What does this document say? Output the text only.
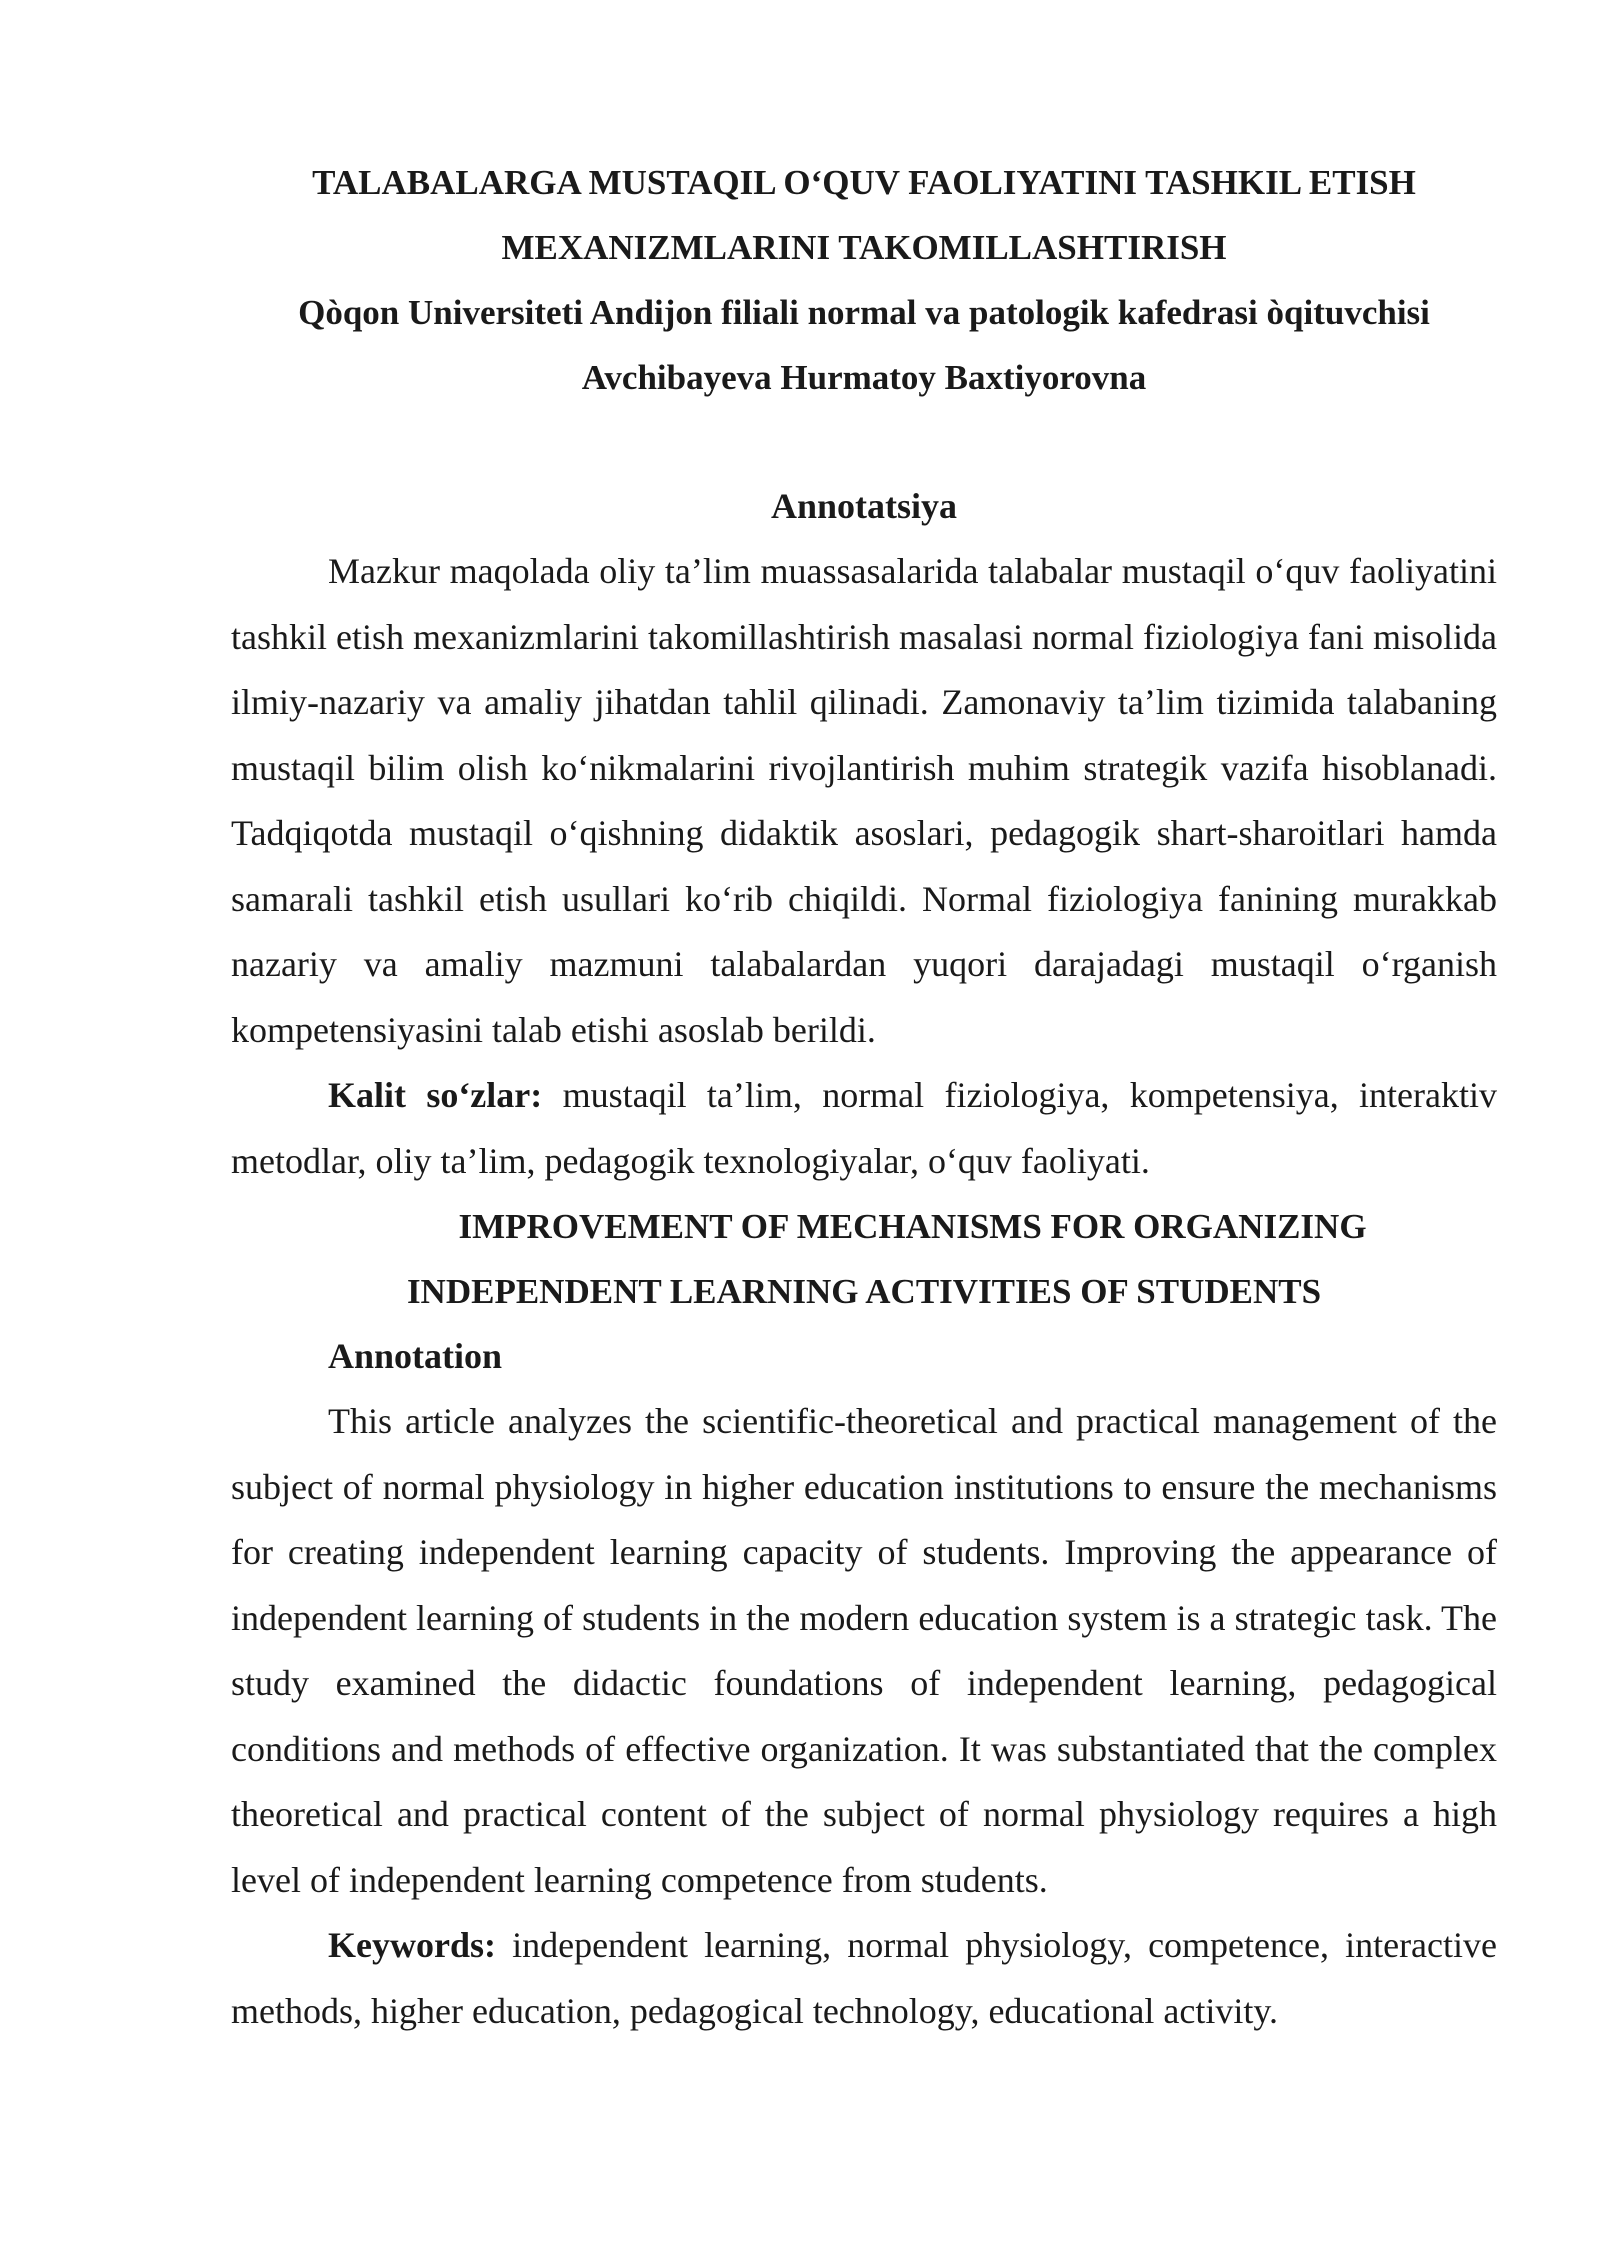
TALABALARGA MUSTAQIL O‘QUV FAOLIYATINI TASHKIL ETISH

MEXANIZMLARINI TAKOMILLASHTIRISH

Qòqon Universiteti Andijon filiali normal va patologik kafedrasi òqituvchisi

Avchibayeva Hurmatoy Baxtiyorovna

Annotatsiya

Mazkur maqolada oliy ta’lim muassasalarida talabalar mustaqil o‘quv faoliyatini tashkil etish mexanizmlarini takomillashtirish masalasi normal fiziologiya fani misolida ilmiy-nazariy va amaliy jihatdan tahlil qilinadi. Zamonaviy ta’lim tizimida talabaning mustaqil bilim olish ko‘nikmalarini rivojlantirish muhim strategik vazifa hisoblanadi. Tadqiqotda mustaqil o‘qishning didaktik asoslari, pedagogik shart-sharoitlari hamda samarali tashkil etish usullari ko‘rib chiqildi. Normal fiziologiya fanining murakkab nazariy va amaliy mazmuni talabalardan yuqori darajadagi mustaqil o‘rganish kompetensiyasini talab etishi asoslab berildi.

Kalit so‘zlar: mustaqil ta’lim, normal fiziologiya, kompetensiya, interaktiv metodlar, oliy ta’lim, pedagogik texnologiyalar, o‘quv faoliyati.

IMPROVEMENT OF MECHANISMS FOR ORGANIZING

INDEPENDENT LEARNING ACTIVITIES OF STUDENTS

Annotation

This article analyzes the scientific-theoretical and practical management of the subject of normal physiology in higher education institutions to ensure the mechanisms for creating independent learning capacity of students. Improving the appearance of independent learning of students in the modern education system is a strategic task. The study examined the didactic foundations of independent learning, pedagogical conditions and methods of effective organization. It was substantiated that the complex theoretical and practical content of the subject of normal physiology requires a high level of independent learning competence from students.

Keywords: independent learning, normal physiology, competence, interactive methods, higher education, pedagogical technology, educational activity.
